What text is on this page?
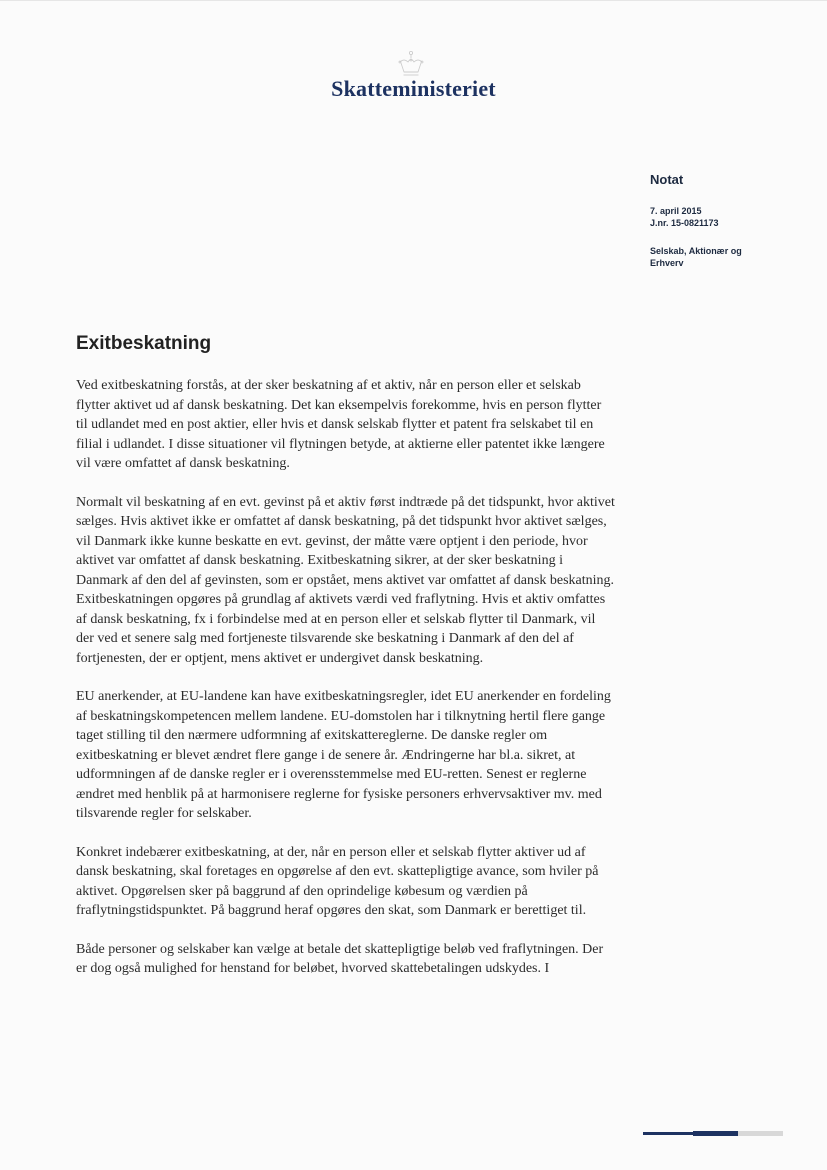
Skatteministeriet
Notat
7. april 2015
J.nr. 15-0821173
Selskab, Aktionær og Erhverv
Exitbeskatning

Ved exitbeskatning forstås, at der sker beskatning af et aktiv, når en person eller et selskab flytter aktivet ud af dansk beskatning. Det kan eksempelvis forekomme, hvis en person flytter til udlandet med en post aktier, eller hvis et dansk selskab flytter et patent fra selskabet til en filial i udlandet. I disse situationer vil flytningen betyde, at aktierne eller patentet ikke længere vil være omfattet af dansk beskatning.

Normalt vil beskatning af en evt. gevinst på et aktiv først indtræde på det tidspunkt, hvor aktivet sælges. Hvis aktivet ikke er omfattet af dansk beskatning, på det tidspunkt hvor aktivet sælges, vil Danmark ikke kunne beskatte en evt. gevinst, der måtte være optjent i den periode, hvor aktivet var omfattet af dansk beskatning. Exitbeskatning sikrer, at der sker beskatning i Danmark af den del af gevinsten, som er opstået, mens aktivet var omfattet af dansk beskatning. Exitbeskatningen opgøres på grundlag af aktivets værdi ved fraflytning. Hvis et aktiv omfattes af dansk beskatning, fx i forbindelse med at en person eller et selskab flytter til Danmark, vil der ved et senere salg med fortjeneste tilsvarende ske beskatning i Danmark af den del af fortjenesten, der er optjent, mens aktivet er undergivet dansk beskatning.

EU anerkender, at EU-landene kan have exitbeskatningsregler, idet EU anerkender en fordeling af beskatningskompetencen mellem landene. EU-domstolen har i tilknytning hertil flere gange taget stilling til den nærmere udformning af exitskattereglerne. De danske regler om exitbeskatning er blevet ændret flere gange i de senere år. Ændringerne har bl.a. sikret, at udformningen af de danske regler er i overensstemmelse med EU-retten. Senest er reglerne ændret med henblik på at harmonisere reglerne for fysiske personers erhvervsaktiver mv. med tilsvarende regler for selskaber.

Konkret indebærer exitbeskatning, at der, når en person eller et selskab flytter aktiver ud af dansk beskatning, skal foretages en opgørelse af den evt. skattepligtige avance, som hviler på aktivet. Opgørelsen sker på baggrund af den oprindelige købesum og værdien på fraflytningstidspunktet. På baggrund heraf opgøres den skat, som Danmark er berettiget til.

Både personer og selskaber kan vælge at betale det skattepligtige beløb ved fraflytningen. Der er dog også mulighed for henstand for beløbet, hvorved skattebetalingen udskydes. I
